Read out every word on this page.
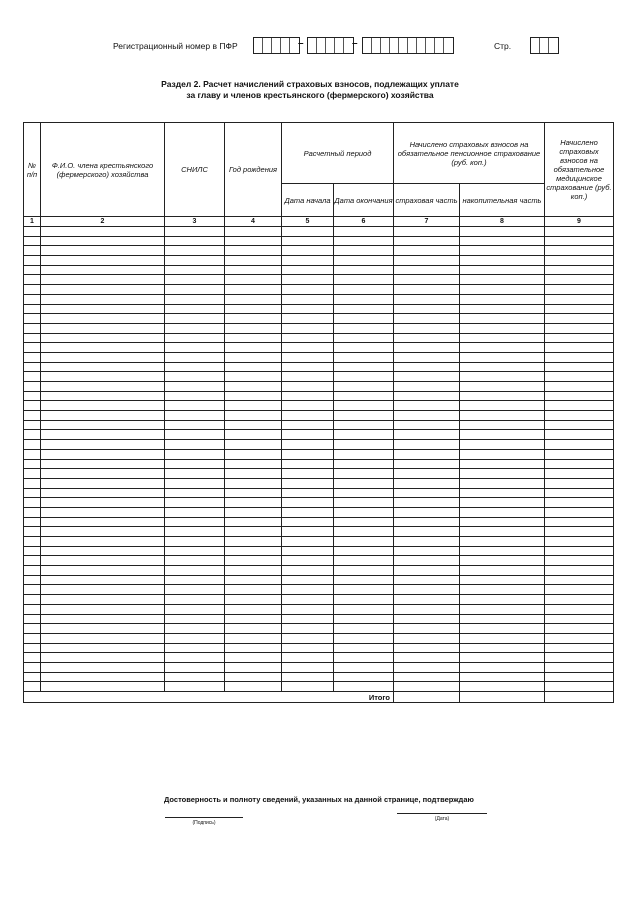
Регистрационный номер в ПФР	–	–	Стр.
Раздел 2. Расчет начислений страховых взносов, подлежащих уплате
за главу и членов крестьянского (фермерского) хозяйства
№ п/п	Ф.И.О. члена крестьянского (фермерского) хозяйства	СНИЛС	Год рождения	Расчетный период		Начислено страховых взносов на обязательное пенсионное страхование (руб. коп.)		Начислено страховых взносов на обязательное медицинское страхование (руб. коп.)
				Дата начала	Дата окончания	страховая часть	накопительная часть	
1	2	3	4	5	6	7	8	9

Итого								
Достоверность и полноту сведений, указанных на данной странице, подтверждаю
(Подпись)
(Дата)
